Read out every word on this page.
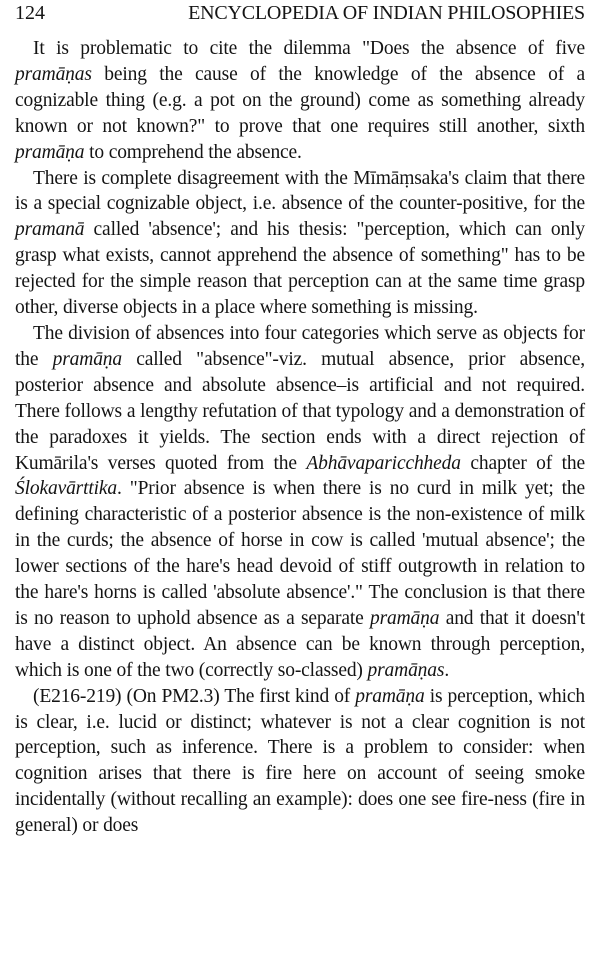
124	ENCYCLOPEDIA OF INDIAN PHILOSOPHIES

It is problematic to cite the dilemma "Does the absence of five pramāṇas being the cause of the knowledge of the absence of a cognizable thing (e.g. a pot on the ground) come as something already known or not known?" to prove that one requires still another, sixth pramāṇa to comprehend the absence.

There is complete disagreement with the Mīmāṃsaka's claim that there is a special cognizable object, i.e. absence of the counter-positive, for the pramanā called 'absence'; and his thesis: "perception, which can only grasp what exists, cannot apprehend the absence of something" has to be rejected for the simple reason that perception can at the same time grasp other, diverse objects in a place where something is missing.

The division of absences into four categories which serve as objects for the pramāṇa called "absence"-viz. mutual absence, prior absence, posterior absence and absolute absence–is artificial and not required. There follows a lengthy refutation of that typology and a demonstration of the paradoxes it yields. The section ends with a direct rejection of Kumārila's verses quoted from the Abhāvaparicchheda chapter of the Ślokavārttika. "Prior absence is when there is no curd in milk yet; the defining characteristic of a posterior absence is the non-existence of milk in the curds; the absence of horse in cow is called 'mutual absence'; the lower sections of the hare's head devoid of stiff outgrowth in relation to the hare's horns is called 'absolute absence'." The conclusion is that there is no reason to uphold absence as a separate pramāṇa and that it doesn't have a distinct object. An absence can be known through perception, which is one of the two (correctly so-classed) pramāṇas.

(E216-219) (On PM2.3) The first kind of pramāṇa is perception, which is clear, i.e. lucid or distinct; whatever is not a clear cognition is not perception, such as inference. There is a problem to consider: when cognition arises that there is fire here on account of seeing smoke incidentally (without recalling an example): does one see fire-ness (fire in general) or does
